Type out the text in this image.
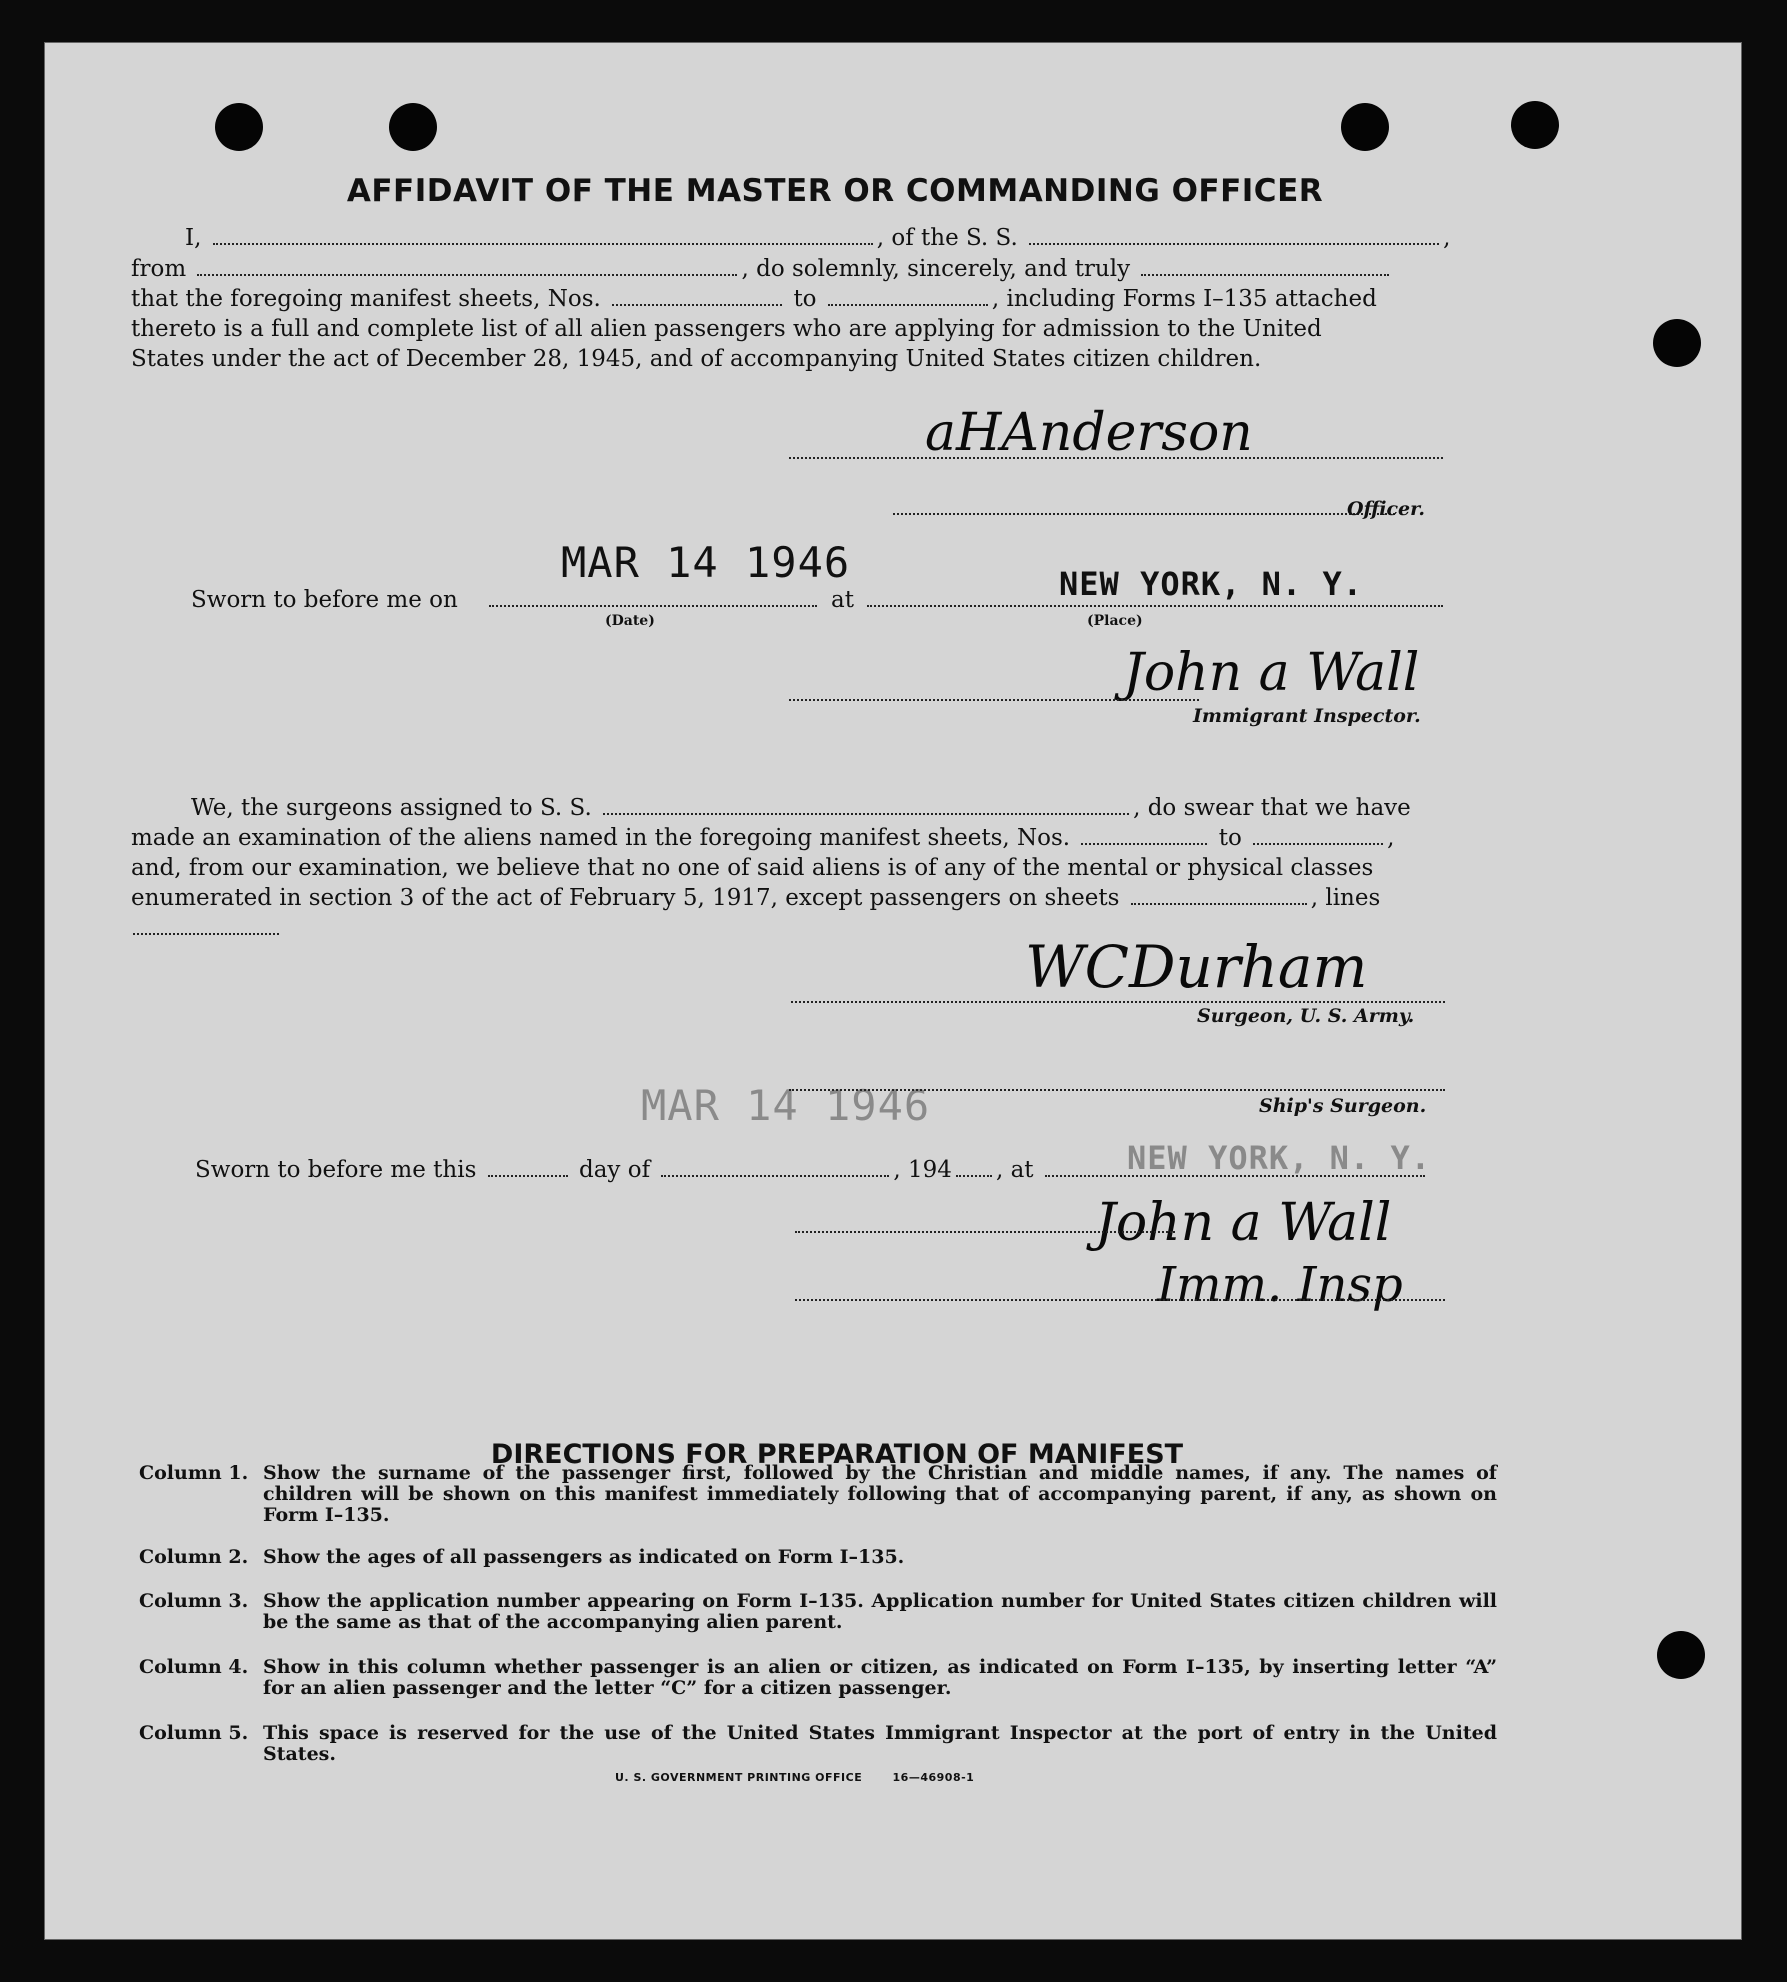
AFFIDAVIT OF THE MASTER OR COMMANDING OFFICER
I,	, of the S. S.	,
from	, do solemnly, sincerely, and truly
that the foregoing manifest sheets, Nos.	to	, including Forms I–135 attached
thereto is a full and complete list of all alien passengers who are applying for admission to the United
States under the act of December 28, 1945, and of accompanying United States citizen children.
aHAnderson
Officer.
MAR 14 1946
Sworn to before me on	at	NEW YORK, N. Y.
(Date)	(Place)
John a Wall
Immigrant Inspector.
We, the surgeons assigned to S. S.	, do swear that we have
made an examination of the aliens named in the foregoing manifest sheets, Nos.	to	,
and, from our examination, we believe that no one of said aliens is of any of the mental or physical classes
enumerated in section 3 of the act of February 5, 1917, except passengers on sheets	, lines
WCDurham
Surgeon, U. S. Army.
MAR 14 1946	Ship's Surgeon.
NEW YORK, N. Y.
Sworn to before me this	day of	, 194 , at
John a Wall
Imm. Insp
DIRECTIONS FOR PREPARATION OF MANIFEST
Column 1. Show the surname of the passenger first, followed by the Christian and middle names, if any. The names of children will be shown on this manifest immediately following that of accompanying parent, if any, as shown on Form I–135.
Column 2. Show the ages of all passengers as indicated on Form I–135.
Column 3. Show the application number appearing on Form I–135. Application number for United States citizen children will be the same as that of the accompanying alien parent.
Column 4. Show in this column whether passenger is an alien or citizen, as indicated on Form I–135, by inserting letter “A” for an alien passenger and the letter “C” for a citizen passenger.
Column 5. This space is reserved for the use of the United States Immigrant Inspector at the port of entry in the United States.
U. S. GOVERNMENT PRINTING OFFICE	16—46908-1
